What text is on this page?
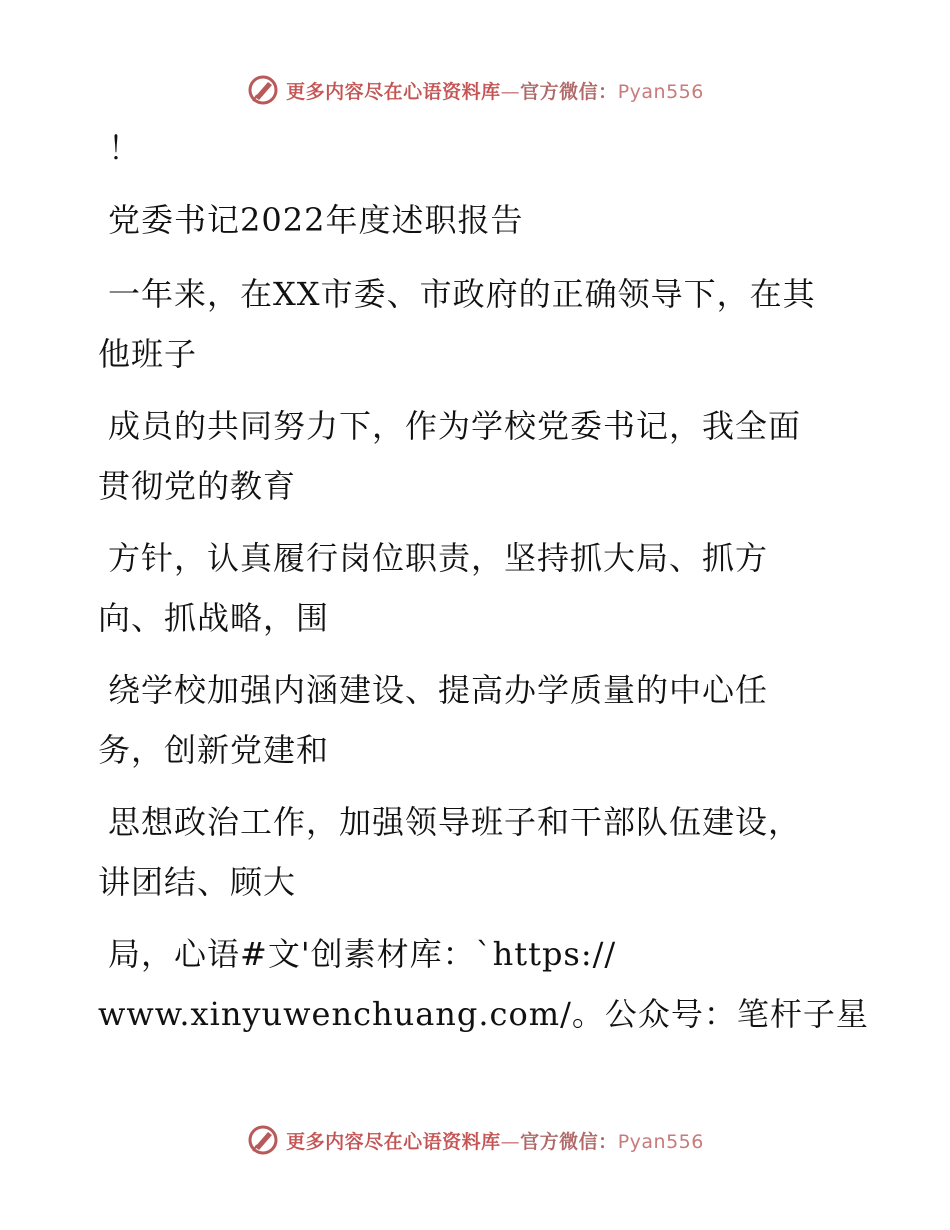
更多内容尽在心语资料库—官方微信：Pyan556
！
党委书记2022年度述职报告
一年来，在XX市委、市政府的正确领导下，在其
他班子
成员的共同努力下，作为学校党委书记，我全面
贯彻党的教育
方针，认真履行岗位职责，坚持抓大局、抓方
向、抓战略，围
绕学校加强内涵建设、提高办学质量的中心任
务，创新党建和
思想政治工作，加强领导班子和干部队伍建设，
讲团结、顾大
局，心语#文'创素材库：`https://
www.xinyuwenchuang.com/。公众号：笔杆子星
更多内容尽在心语资料库—官方微信：Pyan556
